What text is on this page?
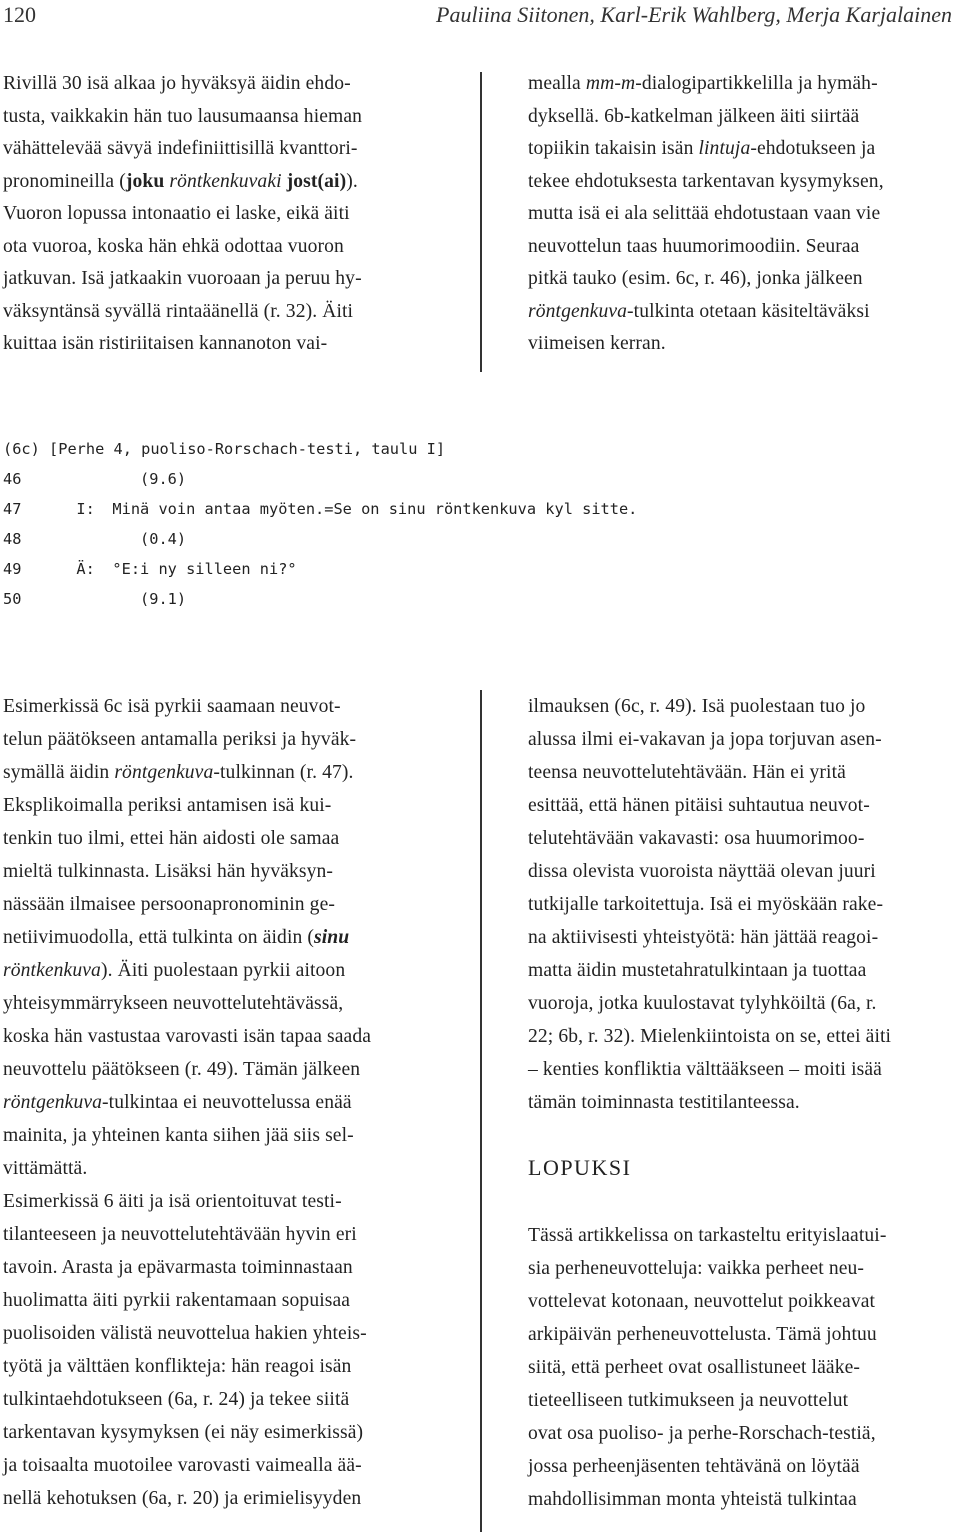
120	Pauliina Siitonen, Karl-Erik Wahlberg, Merja Karjalainen
Rivillä 30 isä alkaa jo hyväksyä äidin ehdo-
tusta, vaikkakin hän tuo lausumaansa hieman
vähättelevää sävyä indefiniittisillä kvanttori-
pronomineilla (joku röntkenkuvaki jost(ai)).
Vuoron lopussa intonaatio ei laske, eikä äiti
ota vuoroa, koska hän ehkä odottaa vuoron
jatkuvan. Isä jatkaakin vuoroaan ja peruu hy-
väksyntänsä syvällä rintaäänellä (r. 32). Äiti
kuittaa isän ristiriitaisen kannanoton vai-
mealla mm-m-dialogipartikkelilla ja hymäh-
dyksellä. 6b-katkelman jälkeen äiti siirtää
topiikin takaisin isän lintuja-ehdotukseen ja
tekee ehdotuksesta tarkentavan kysymyksen,
mutta isä ei ala selittää ehdotustaan vaan vie
neuvottelun taas huumorimoodiin. Seuraa
pitkä tauko (esim. 6c, r. 46), jonka jälkeen
röntgenkuva-tulkinta otetaan käsiteltäväksi
viimeisen kerran.
(6c) [Perhe 4, puoliso-Rorschach-testi, taulu I]
46	(9.6)
47	I: Minä voin antaa myöten.=Se on sinu röntkenkuva kyl sitte.
48	(0.4)
49	Ä: °E:i ny silleen ni?°
50	(9.1)
Esimerkissä 6c isä pyrkii saamaan neuvot-
telun päätökseen antamalla periksi ja hyväk-
symällä äidin röntgenkuva-tulkinnan (r. 47).
Eksplikoimalla periksi antamisen isä kui-
tenkin tuo ilmi, ettei hän aidosti ole samaa
mieltä tulkinnasta. Lisäksi hän hyväksyn-
nässään ilmaisee persoonapronominin ge-
netiivimuodolla, että tulkinta on äidin (sinu
röntkenkuva). Äiti puolestaan pyrkii aitoon
yhteisymmärrykseen neuvottelutehtävässä,
koska hän vastustaa varovasti isän tapaa saada
neuvottelu päätökseen (r. 49). Tämän jälkeen
röntgenkuva-tulkintaa ei neuvottelussa enää
mainita, ja yhteinen kanta siihen jää siis sel-
vittämättä.
Esimerkissä 6 äiti ja isä orientoituvat testi-
tilanteeseen ja neuvottelutehtävään hyvin eri
tavoin. Arasta ja epävarmasta toiminnastaan
huolimatta äiti pyrkii rakentamaan sopuisaa
puolisoiden välistä neuvottelua hakien yhteis-
työtä ja välttäen konflikteja: hän reagoi isän
tulkintaehdotukseen (6a, r. 24) ja tekee siitä
tarkentavan kysymyksen (ei näy esimerkissä)
ja toisaalta muotoilee varovasti vaimealla ää-
nellä kehotuksen (6a, r. 20) ja erimielisyyden
ilmauksen (6c, r. 49). Isä puolestaan tuo jo
alussa ilmi ei-vakavan ja jopa torjuvan asen-
teensa neuvottelutehtävään. Hän ei yritä
esittää, että hänen pitäisi suhtautua neuvot-
telutehtävään vakavasti: osa huumorimoo-
dissa olevista vuoroista näyttää olevan juuri
tutkijalle tarkoitettuja. Isä ei myöskään rake-
na aktiivisesti yhteistyötä: hän jättää reagoi-
matta äidin mustetahratulkintaan ja tuottaa
vuoroja, jotka kuulostavat tylyhköiltä (6a, r.
22; 6b, r. 32). Mielenkiintoista on se, ettei äiti
– kenties konfliktia välttääkseen – moiti isää
tämän toiminnasta testitilanteessa.
LOPUKSI
Tässä artikkelissa on tarkasteltu erityislaatui-
sia perheneuvotteluja: vaikka perheet neu-
vottelevat kotonaan, neuvottelut poikkeavat
arkipäivän perheneuvottelusta. Tämä johtuu
siitä, että perheet ovat osallistuneet lääke-
tieteelliseen tutkimukseen ja neuvottelut
ovat osa puoliso- ja perhe-Rorschach-testiä,
jossa perheenjäsenten tehtävänä on löytää
mahdollisimman monta yhteistä tulkintaa
